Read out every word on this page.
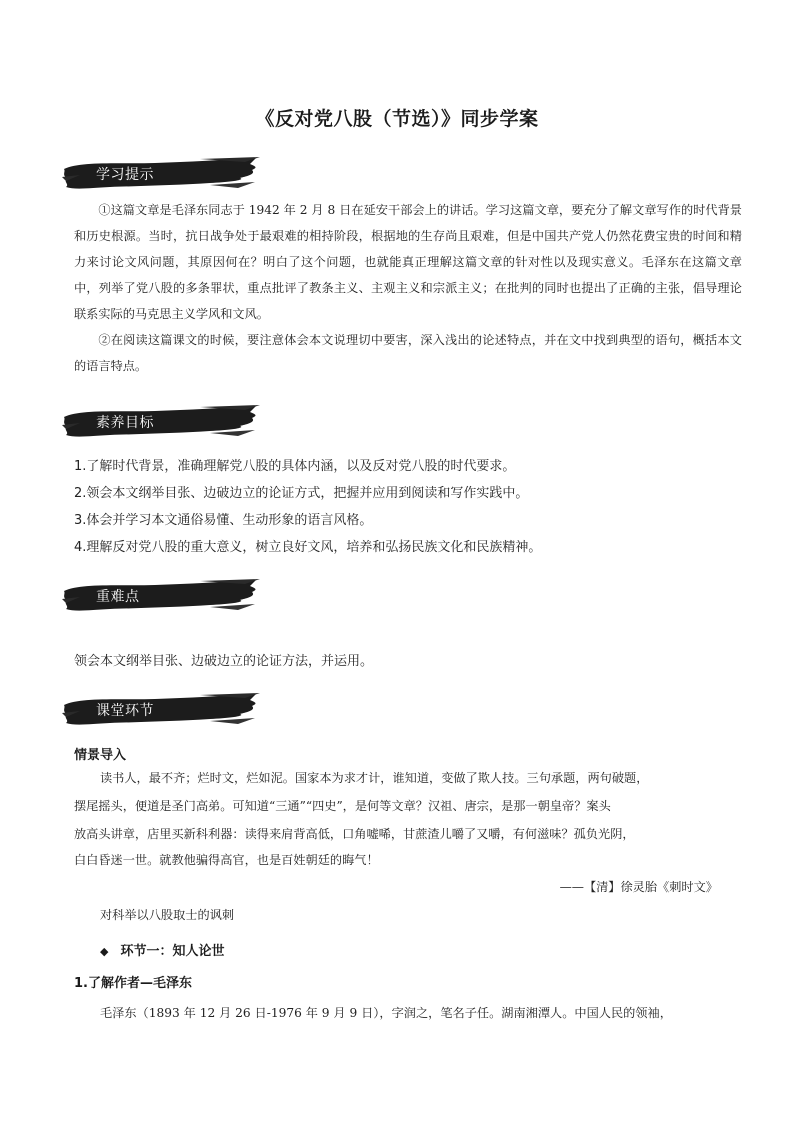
《反对党八股（节选）》同步学案
学习提示

①这篇文章是毛泽东同志于 1942 年 2 月 8 日在延安干部会上的讲话。学习这篇文章，要充分了解文章写作的时代背景和历史根源。当时，抗日战争处于最艰难的相持阶段，根据地的生存尚且艰难，但是中国共产党人仍然花费宝贵的时间和精力来讨论文风问题，其原因何在？明白了这个问题，也就能真正理解这篇文章的针对性以及现实意义。毛泽东在这篇文章中，列举了党八股的多条罪状，重点批评了教条主义、主观主义和宗派主义；在批判的同时也提出了正确的主张，倡导理论联系实际的马克思主义学风和文风。

②在阅读这篇课文的时候，要注意体会本文说理切中要害，深入浅出的论述特点，并在文中找到典型的语句，概括本文的语言特点。

素养目标

1.了解时代背景，准确理解党八股的具体内涵，以及反对党八股的时代要求。

2.领会本文纲举目张、边破边立的论证方式，把握并应用到阅读和写作实践中。

3.体会并学习本文通俗易懂、生动形象的语言风格。

4.理解反对党八股的重大意义，树立良好文风，培养和弘扬民族文化和民族精神。

重难点

领会本文纲举目张、边破边立的论证方法，并运用。

课堂环节

情景导入

读书人，最不齐；烂时文，烂如泥。国家本为求才计，谁知道，变做了欺人技。三句承题，两句破题，

摆尾摇头，便道是圣门高弟。可知道“三通”“四史”，是何等文章？汉祖、唐宗，是那一朝皇帝？案头

放高头讲章，店里买新科利器：读得来肩背高低，口角嘘唏，甘蔗渣儿嚼了又嚼，有何滋味？孤负光阴，

白白昏迷一世。就教他骗得高官，也是百姓朝廷的晦气！

——【清】徐灵胎《刺时文》

对科举以八股取士的讽刺

◆ 环节一：知人论世

1.了解作者—毛泽东

毛泽东（1893 年 12 月 26 日-1976 年 9 月 9 日），字润之，笔名子任。湖南湘潭人。中国人民的领袖，
